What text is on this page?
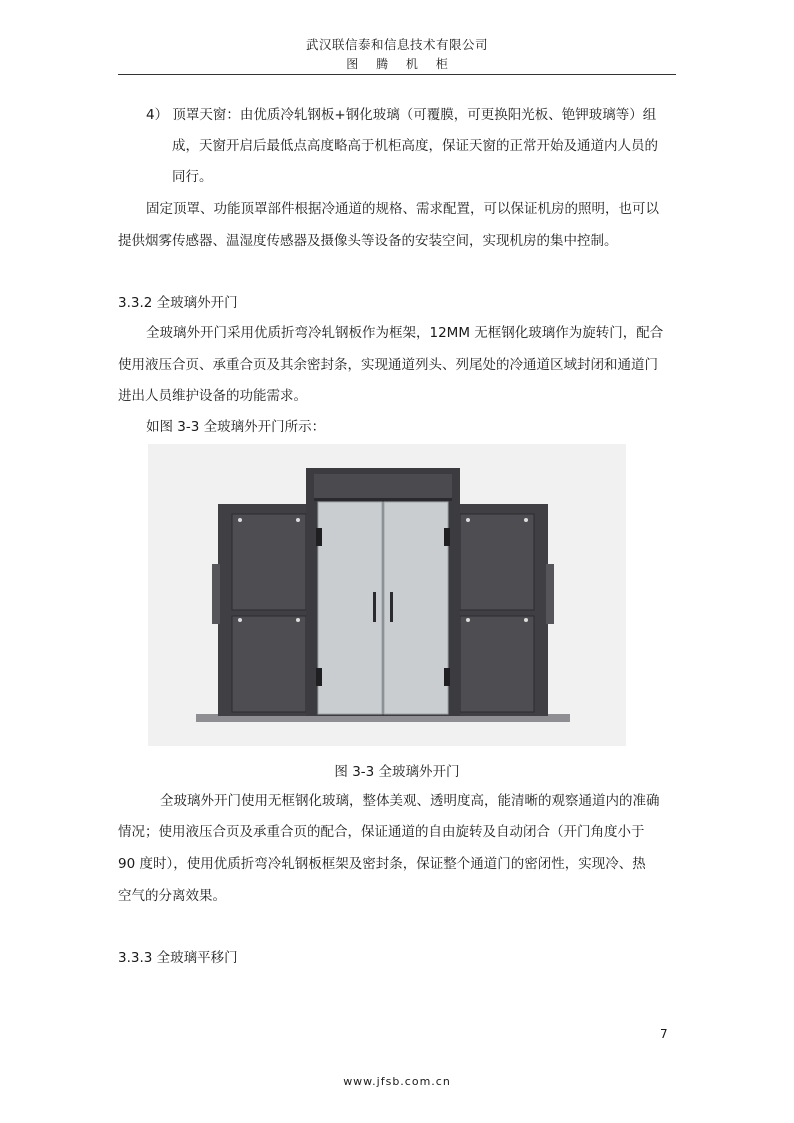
武汉联信泰和信息技术有限公司
图 腾 机 柜
4） 顶罩天窗：由优质冷轧钢板+钢化玻璃（可覆膜，可更换阳光板、铯钾玻璃等）组
成，天窗开启后最低点高度略高于机柜高度，保证天窗的正常开始及通道内人员的
同行。
固定顶罩、功能顶罩部件根据冷通道的规格、需求配置，可以保证机房的照明，也可以
提供烟雾传感器、温湿度传感器及摄像头等设备的安装空间，实现机房的集中控制。
3.3.2 全玻璃外开门
全玻璃外开门采用优质折弯冷轧钢板作为框架，12MM 无框钢化玻璃作为旋转门，配合
使用液压合页、承重合页及其余密封条，实现通道列头、列尾处的冷通道区域封闭和通道门
进出人员维护设备的功能需求。
如图 3-3 全玻璃外开门所示：
图 3-3 全玻璃外开门
全玻璃外开门使用无框钢化玻璃，整体美观、透明度高，能清晰的观察通道内的准确
情况；使用液压合页及承重合页的配合，保证通道的自由旋转及自动闭合（开门角度小于
90 度时），使用优质折弯冷轧钢板框架及密封条，保证整个通道门的密闭性，实现冷、热
空气的分离效果。
3.3.3 全玻璃平移门
7
www.jfsb.com.cn
